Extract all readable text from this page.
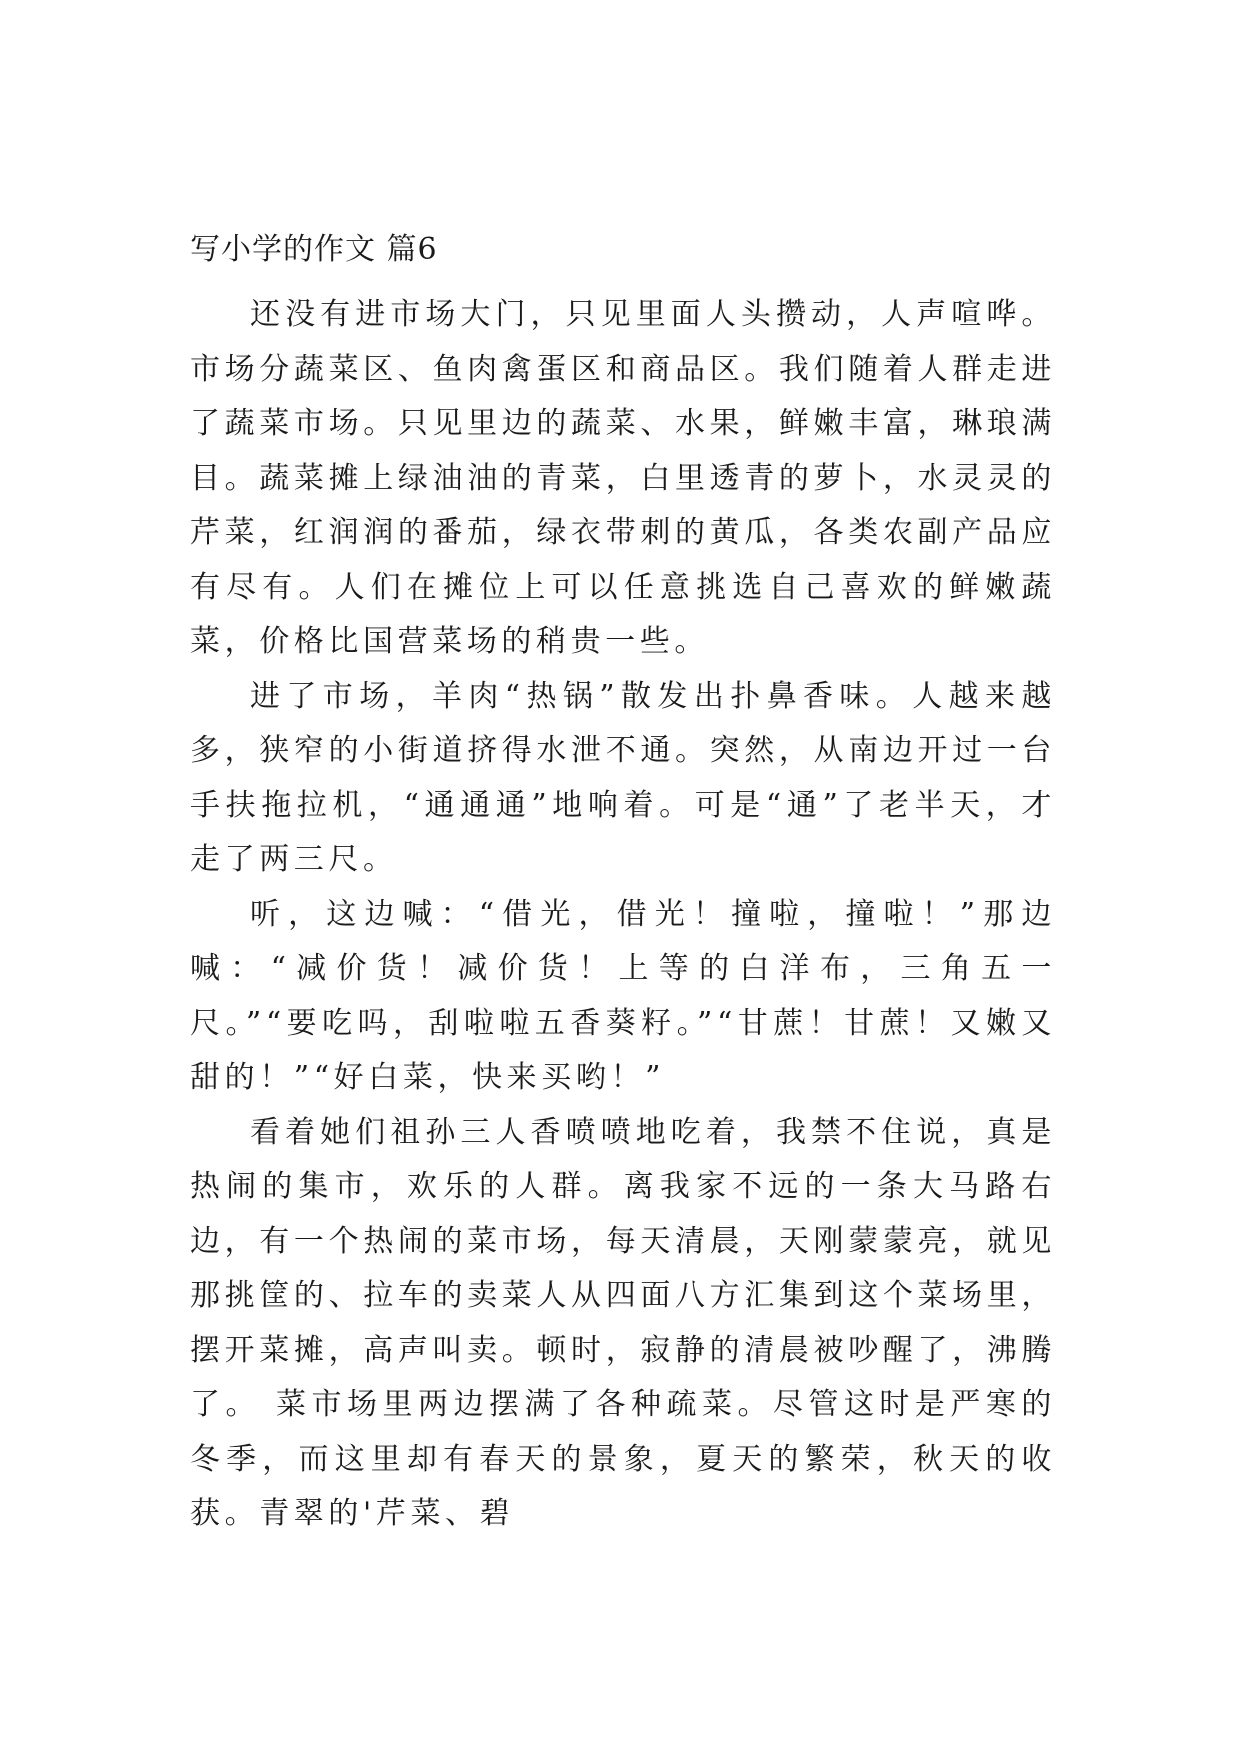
写小学的作文 篇6

还没有进市场大门，只见里面人头攒动，人声喧哗。市场分蔬菜区、鱼肉禽蛋区和商品区。我们随着人群走进了蔬菜市场。只见里边的蔬菜、水果，鲜嫩丰富，琳琅满目。蔬菜摊上绿油油的青菜，白里透青的萝卜，水灵灵的芹菜，红润润的番茄，绿衣带刺的黄瓜，各类农副产品应有尽有。人们在摊位上可以任意挑选自己喜欢的鲜嫩蔬菜，价格比国营菜场的稍贵一些。

进了市场，羊肉“热锅”散发出扑鼻香味。人越来越多，狭窄的小街道挤得水泄不通。突然，从南边开过一台手扶拖拉机，“通通通”地响着。可是“通”了老半天，才走了两三尺。

听，这边喊：“借光，借光！撞啦，撞啦！”那边喊：“减价货！减价货！上等的白洋布，三角五一尺。”“要吃吗，刮啦啦五香葵籽。”“甘蔗！甘蔗！又嫩又甜的！”“好白菜，快来买哟！”

看着她们祖孙三人香喷喷地吃着，我禁不住说，真是热闹的集市，欢乐的人群。离我家不远的一条大马路右边，有一个热闹的菜市场，每天清晨，天刚蒙蒙亮，就见那挑筐的、拉车的卖菜人从四面八方汇集到这个菜场里，摆开菜摊，高声叫卖。顿时，寂静的清晨被吵醒了，沸腾了。 菜市场里两边摆满了各种疏菜。尽管这时是严寒的冬季，而这里却有春天的景象，夏天的繁荣，秋天的收获。青翠的'芹菜、碧
